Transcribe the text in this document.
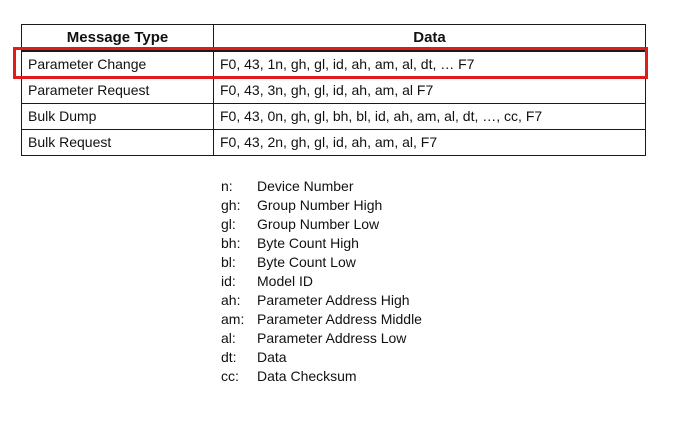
Message Type	Data
Parameter Change	F0, 43, 1n, gh, gl, id, ah, am, al, dt, … F7
Parameter Request	F0, 43, 3n, gh, gl, id, ah, am, al F7
Bulk Dump	F0, 43, 0n, gh, gl, bh, bl, id, ah, am, al, dt, …, cc, F7
Bulk Request	F0, 43, 2n, gh, gl, id, ah, am, al, F7
n:	Device Number
gh:	Group Number High
gl:	Group Number Low
bh:	Byte Count High
bl:	Byte Count Low
id:	Model ID
ah:	Parameter Address High
am: Parameter Address Middle
al:	Parameter Address Low
dt:	Data
cc:	Data Checksum
